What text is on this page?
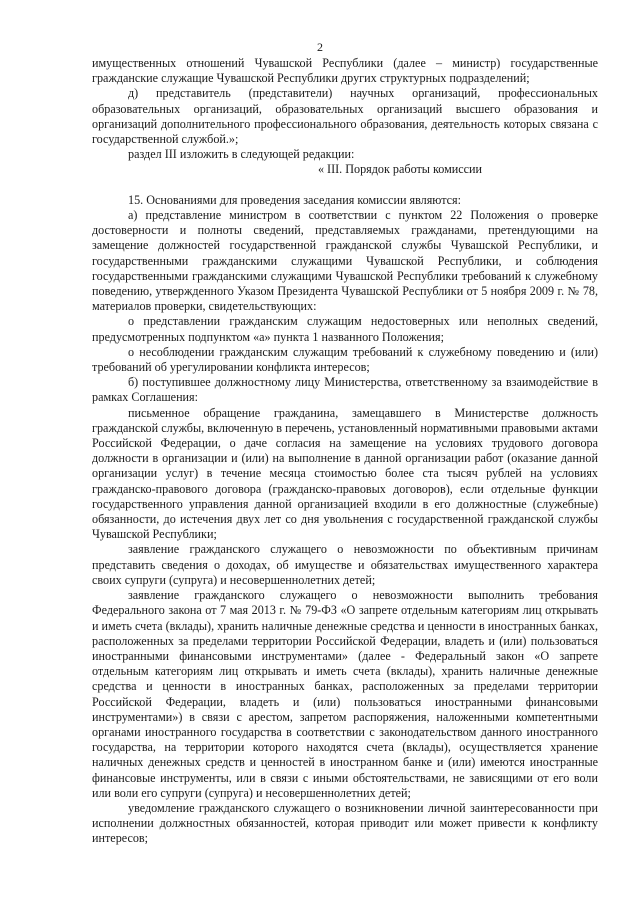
2

имущественных отношений Чувашской Республики (далее – министр) государственные гражданские служащие Чувашской Республики других структурных подразделений;

д) представитель (представители) научных организаций, профессиональных образовательных организаций, образовательных организаций высшего образования и организаций дополнительного профессионального образования, деятельность которых связана с государственной службой.»;

раздел III изложить в следующей редакции:

« III. Порядок работы комиссии

15. Основаниями для проведения заседания комиссии являются:

а) представление министром в соответствии с пунктом 22 Положения о проверке достоверности и полноты сведений, представляемых гражданами, претендующими на замещение должностей государственной гражданской службы Чувашской Республики, и государственными гражданскими служащими Чувашской Республики, и соблюдения государственными гражданскими служащими Чувашской Республики требований к служебному поведению, утвержденного Указом Президента Чувашской Республики от 5 ноября 2009 г. № 78, материалов проверки, свидетельствующих:

о представлении гражданским служащим недостоверных или неполных сведений, предусмотренных подпунктом «а» пункта 1 названного Положения;

о несоблюдении гражданским служащим требований к служебному поведению и (или) требований об урегулировании конфликта интересов;

б) поступившее должностному лицу Министерства, ответственному за взаимодействие в рамках Соглашения:

письменное обращение гражданина, замещавшего в Министерстве должность гражданской службы, включенную в перечень, установленный нормативными правовыми актами Российской Федерации, о даче согласия на замещение на условиях трудового договора должности в организации и (или) на выполнение в данной организации работ (оказание данной организации услуг) в течение месяца стоимостью более ста тысяч рублей на условиях гражданско-правового договора (гражданско-правовых договоров), если отдельные функции государственного управления данной организацией входили в его должностные (служебные) обязанности, до истечения двух лет со дня увольнения с государственной гражданской службы Чувашской Республики;

заявление гражданского служащего о невозможности по объективным причинам представить сведения о доходах, об имуществе и обязательствах имущественного характера своих супруги (супруга) и несовершеннолетних детей;

заявление гражданского служащего о невозможности выполнить требования Федерального закона от 7 мая 2013 г. № 79-ФЗ «О запрете отдельным категориям лиц открывать и иметь счета (вклады), хранить наличные денежные средства и ценности в иностранных банках, расположенных за пределами территории Российской Федерации, владеть и (или) пользоваться иностранными финансовыми инструментами» (далее - Федеральный закон «О запрете отдельным категориям лиц открывать и иметь счета (вклады), хранить наличные денежные средства и ценности в иностранных банках, расположенных за пределами территории Российской Федерации, владеть и (или) пользоваться иностранными финансовыми инструментами») в связи с арестом, запретом распоряжения, наложенными компетентными органами иностранного государства в соответствии с законодательством данного иностранного государства, на территории которого находятся счета (вклады), осуществляется хранение наличных денежных средств и ценностей в иностранном банке и (или) имеются иностранные финансовые инструменты, или в связи с иными обстоятельствами, не зависящими от его воли или воли его супруги (супруга) и несовершеннолетних детей;

уведомление гражданского служащего о возникновении личной заинтересованности при исполнении должностных обязанностей, которая приводит или может привести к конфликту интересов;
